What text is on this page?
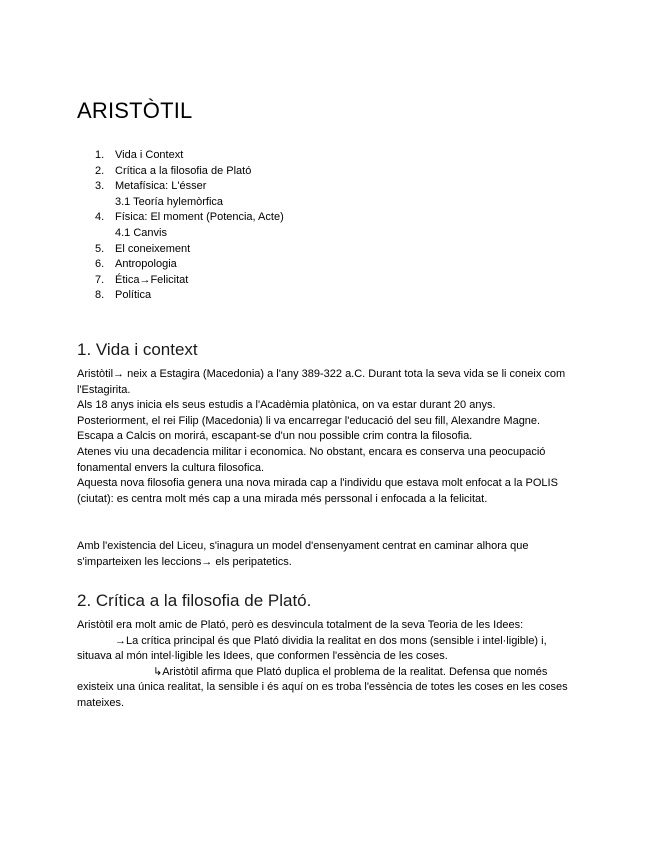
ARISTÒTIL
1. Vida i Context
2. Crítica a la filosofia de Plató
3. Metafísica: L'ésser
3.1 Teoría hylemòrfica
4. Física: El moment (Potencia, Acte)
4.1 Canvis
5. El coneixement
6. Antropologia
7. Ética→Felicitat
8. Política
1. Vida i context

Aristòtil→ neix a Estagira (Macedonia) a l'any 389-322 a.C. Durant tota la seva vida se li coneix com l'Estagirita.

Als 18 anys inicia els seus estudis a l'Acadèmia platònica, on va estar durant 20 anys.

Posteriorment, el rei Filip (Macedonia) li va encarregar l'educació del seu fill, Alexandre Magne.

Escapa a Calcis on morirá, escapant-se d'un nou possible crim contra la filosofia.

Atenes viu una decadencia militar i economica. No obstant, encara es conserva una peocupació fonamental envers la cultura filosofica.

Aquesta nova filosofia genera una nova mirada cap a l'individu que estava molt enfocat a la POLIS (ciutat): es centra molt més cap a una mirada més perssonal i enfocada a la felicitat.

Amb l'existencia del Liceu, s'inagura un model d'ensenyament centrat en caminar alhora que s'imparteixen les leccions→ els peripatetics.

2. Crítica a la filosofia de Plató.

Aristòtil era molt amic de Plató, però es desvincula totalment de la seva Teoria de les Idees:

→La crítica principal és que Plató dividia la realitat en dos mons (sensible i intel·ligible) i,

situava al món intel·ligible les Idees, que conformen l'essència de les coses.

↳Aristòtil afirma que Plató duplica el problema de la realitat. Defensa que només

existeix una única realitat, la sensible i és aquí on es troba l'essència de totes les coses en les coses mateixes.
